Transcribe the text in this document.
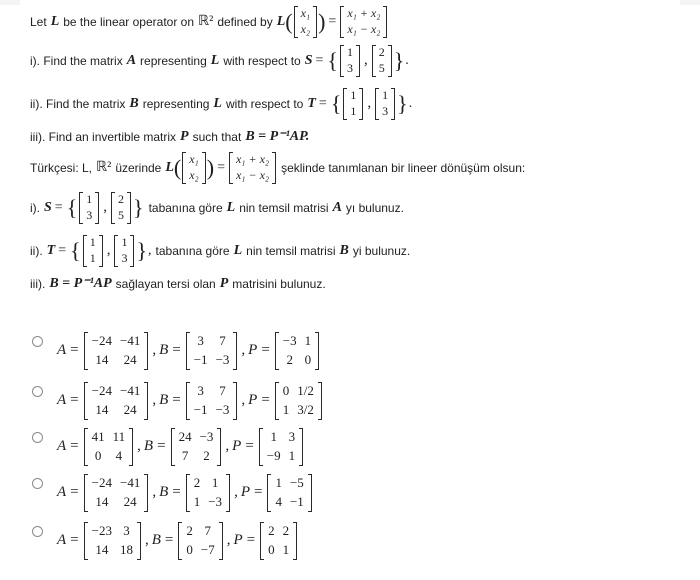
Let L be the linear operator on ℝ² defined by L ( x₁
x₂ ) =
x₁ + x₂
x₁ − x₂
i). Find the matrix A representing L with respect to S = { 1
3 ,
2
5 } .
ii). Find the matrix B representing L with respect to T = { 1
1 ,
1
3 } .
iii). Find an invertible matrix P such that B = P⁻¹AP.
Türkçesi: L, ℝ² üzerinde L ( x₁
x₂ ) =
x₁ + x₂
x₁ − x₂ şeklinde tanımlanan bir lineer dönüşüm olsun:
i). S = { 1
3 ,
2
5 } tabanına göre L nin temsil matrisi A yı bulunuz.
ii). T = { 1
1 ,
1
3 } , tabanına göre L nin temsil matrisi B yi bulunuz.
iii). B = P⁻¹AP sağlayan tersi olan P matrisini bulunuz.
A =
−24	−41
14	24
, B =
3	7
−1	−3
, P =
−3	1
2	0
A =
−24	−41
14	24
, B =
3	7
−1	−3
, P =
0	1/2
1	3/2
A =
41	11
0	4
, B =
24	−3
7	2
, P =
1	3
−9	1
A =
−24	−41
14	24
, B =
2	1
1	−3
, P =
1	−5
4	−1
A =
−23	3
14	18
, B =
2	7
0	−7
, P =
2	2
0	1
